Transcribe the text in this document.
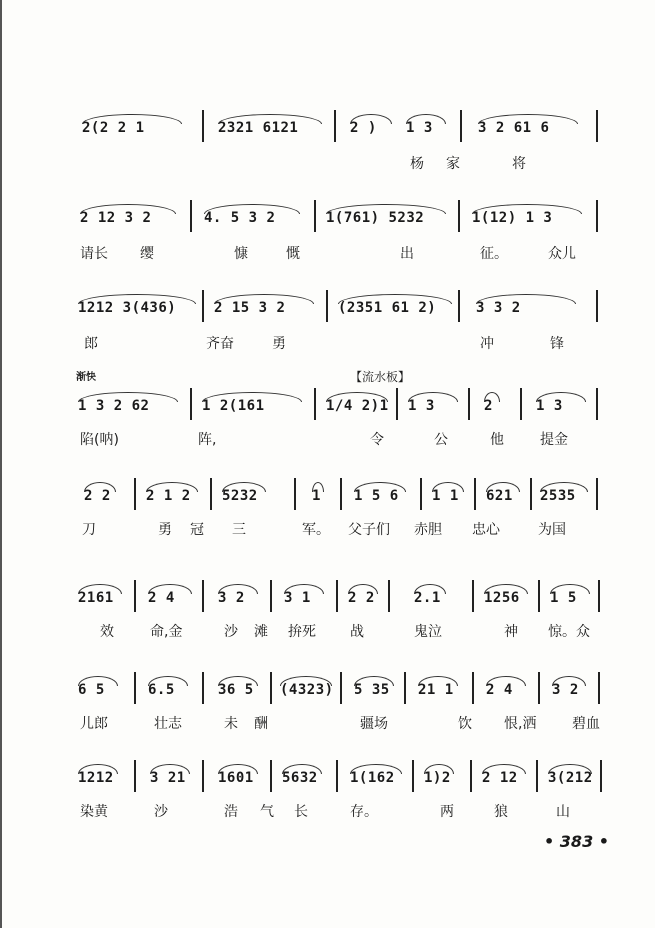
2(2 2 1	2321 6121	2 )	1 3	3 2 61 6
杨 家	将
2 12 3 2	4. 5 3 2	1(761) 5232	1(12) 1 3
请长 缨	慷	慨	出	征。	众儿
1212 3(436)	2 15 3 2	(2351 61 2)	3 3 2
郎	齐奋	勇	冲	锋
渐快	【流水板】
1 3 2 62	1 2(161	1/4 2)1 1 3	2	1 3
陷(呐)	阵,	令	公	他	提金
2 2	2 1 2	5232	1 1 5 6	1 1	621	2535
刀	勇 冠 三	军。 父子们 赤胆 忠心	为国
2161	2 4	3 2	3 1	2 2	2.1	1256	1 5
效	命,金	沙 滩 拚死 战	鬼泣	神 惊。众
6 5	6.5	36 5	(4323) 5 35	21 1	2 4	3 2
儿郎	壮志	未 酬	疆场	饮 恨,洒	碧血
1212	3 21	1601	5632	1(162	1)2 2 12	3(212
染黄	沙	浩 气 长	存。	两	狼	山
• 383 •
